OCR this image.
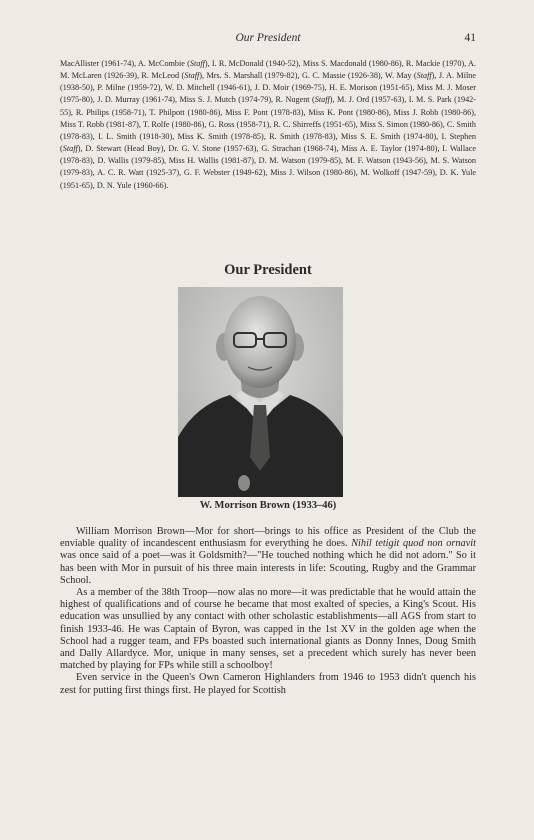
Our President	41

MacAllister (1961-74), A. McCombie (Staff), I. R. McDonald (1940-52), Miss S. Macdonald (1980-86), R. Mackie (1970), A. M. McLaren (1926-39), R. McLeod (Staff), Mrs. S. Marshall (1979-82), G. C. Massie (1926-38), W. May (Staff), J. A. Milne (1938-50), P. Milne (1959-72), W. D. Mitchell (1946-61), J. D. Moir (1969-75), H. E. Morison (1951-65), Miss M. J. Moser (1975-80), J. D. Murray (1961-74), Miss S. J. Mutch (1974-79), R. Nugent (Staff), M. J. Ord (1957-63), I. M. S. Park (1942-55), R. Philips (1958-71), T. Philpott (1980-86), Miss F. Pont (1978-83), Miss K. Pont (1980-86), Miss J. Robb (1980-86), Miss T. Robb (1981-87), T. Rolfe (1980-86), G. Ross (1958-71), R. C. Shirreffs (1951-65), Miss S. Simon (1980-86), C. Smith (1978-83), I. L. Smith (1918-30), Miss K. Smith (1978-85), R. Smith (1978-83), Miss S. E. Smith (1974-80), I. Stephen (Staff), D. Stewart (Head Boy), Dr. G. V. Stone (1957-63), G. Strachan (1968-74), Miss A. E. Taylor (1974-80), I. Wallace (1978-83), D. Wallis (1979-85), Miss H. Wallis (1981-87), D. M. Watson (1979-85), M. F. Watson (1943-56), M. S. Watson (1979-83), A. C. R. Watt (1925-37), G. F. Webster (1949-62), Miss J. Wilson (1980-86), M. Wolkoff (1947-59), D. K. Yule (1951-65), D. N. Yule (1960-66).

Our President
W. Morrison Brown (1933–46)

William Morrison Brown—Mor for short—brings to his office as President of the Club the enviable quality of incandescent enthusiasm for everything he does. Nihil tetigit quod non ornavit was once said of a poet—was it Goldsmith?—"He touched nothing which he did not adorn." So it has been with Mor in pursuit of his three main interests in life: Scouting, Rugby and the Grammar School.

As a member of the 38th Troop—now alas no more—it was predictable that he would attain the highest of qualifications and of course he became that most exalted of species, a King's Scout. His education was unsullied by any contact with other scholastic establishments—all AGS from start to finish 1933-46. He was Captain of Byron, was capped in the 1st XV in the golden age when the School had a rugger team, and FPs boasted such international giants as Donny Innes, Doug Smith and Dally Allardyce. Mor, unique in many senses, set a precedent which surely has never been matched by playing for FPs while still a schoolboy!

Even service in the Queen's Own Cameron Highlanders from 1946 to 1953 didn't quench his zest for putting first things first. He played for Scottish
